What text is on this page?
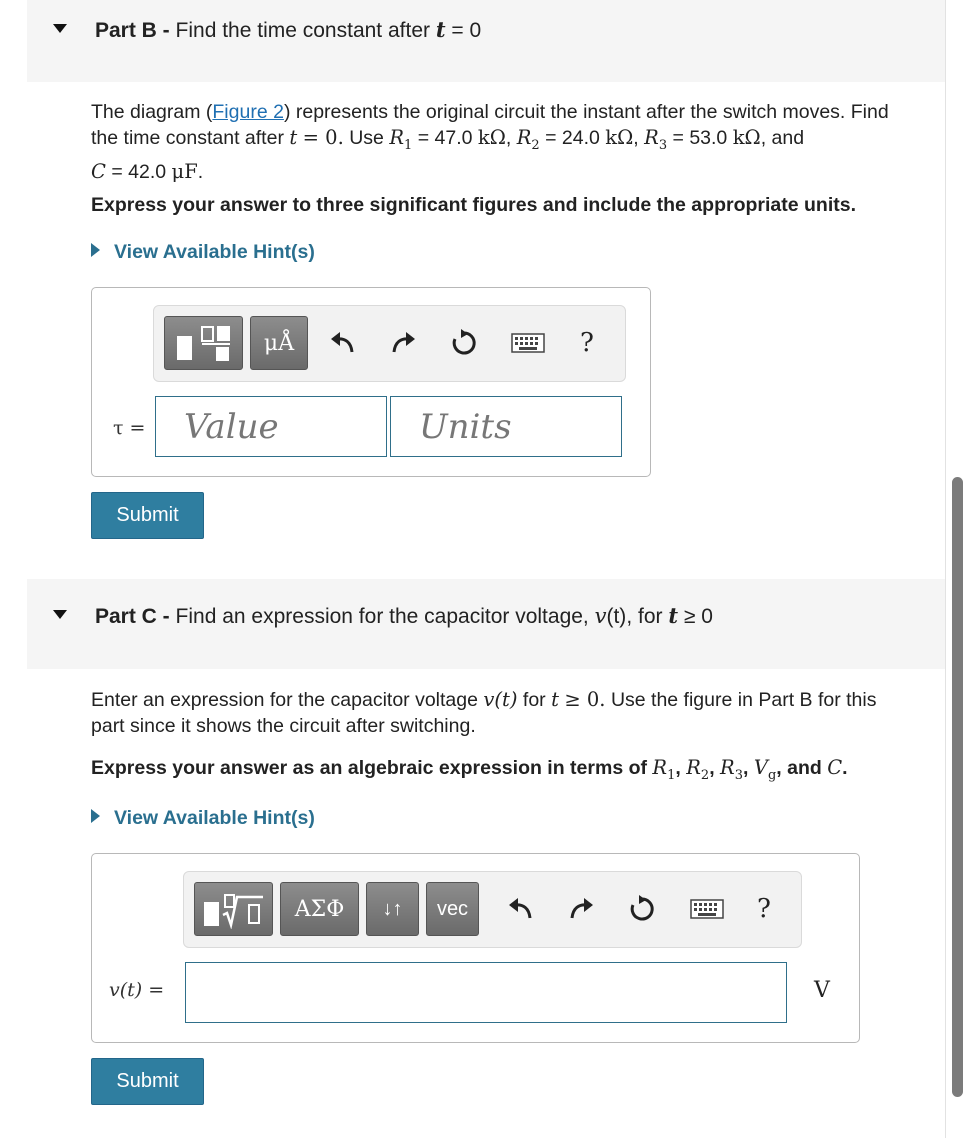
Part B - Find the time constant after t = 0
The diagram (Figure 2) represents the original circuit the instant after the switch moves. Find
the time constant after t = 0. Use $R_1 = 47.0$ kΩ, $R_2 = 24.0$ kΩ, $R_3 = 53.0$ kΩ, and
C = 42.0 μF.
Express your answer to three significant figures and include the appropriate units.
View Available Hint(s)
μÅ	?
τ =	Value	Units
Submit
Part C - Find an expression for the capacitor voltage, v(t), for t ≥ 0
Enter an expression for the capacitor voltage v(t) for t ≥ 0. Use the figure in Part B for this
part since it shows the circuit after switching.
Express your answer as an algebraic expression in terms of $R_1$, $R_2$, $R_3$, $V_g$, and C.
View Available Hint(s)
ΑΣΦ	↓↑	vec	?
v(t) =	V
Submit
